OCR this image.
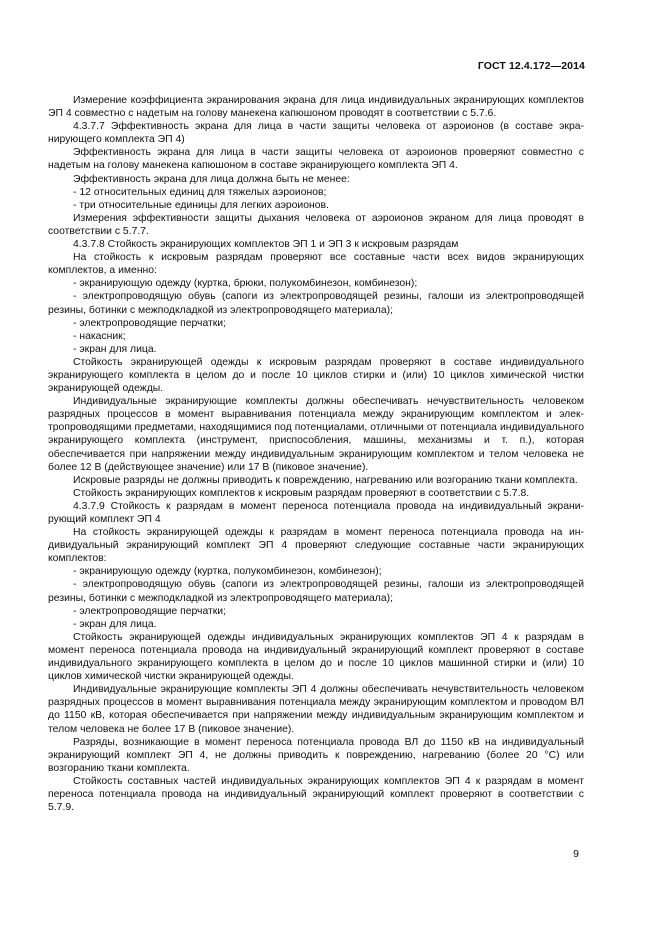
ГОСТ 12.4.172—2014

Измерение коэффициента экранирования экрана для лица индивидуальных экранирующих комплектов ЭП 4 совместно с надетым на голову манекена капюшоном проводят в соответствии с 5.7.6.

4.3.7.7 Эффективность экрана для лица в части защиты человека от аэроионов (в составе экранирующего комплекта ЭП 4)

Эффективность экрана для лица в части защиты человека от аэроионов проверяют совместно с надетым на голову манекена капюшоном в составе экранирующего комплекта ЭП 4.

Эффективность экрана для лица должна быть не менее:

- 12 относительных единиц для тяжелых аэроионов;

- три относительные единицы для легких аэроионов.

Измерения эффективности защиты дыхания человека от аэроионов экраном для лица проводят в соответствии с 5.7.7.

4.3.7.8 Стойкость экранирующих комплектов ЭП 1 и ЭП 3 к искровым разрядам

На стойкость к искровым разрядам проверяют все составные части всех видов экранирующих комплектов, а именно:

- экранирующую одежду (куртка, брюки, полукомбинезон, комбинезон);

- электропроводящую обувь (сапоги из электропроводящей резины, галоши из электропроводящей резины, ботинки с межподкладкой из электропроводящего материала);

- электропроводящие перчатки;

- накасник;

- экран для лица.

Стойкость экранирующей одежды к искровым разрядам проверяют в составе индивидуального экранирующего комплекта в целом до и после 10 циклов стирки и (или) 10 циклов химической чистки экранирующей одежды.

Индивидуальные экранирующие комплекты должны обеспечивать нечувствительность человеком разрядных процессов в момент выравнивания потенциала между экранирующим комплектом и электропроводящими предметами, находящимися под потенциалами, отличными от потенциала индивидуального экранирующего комплекта (инструмент, приспособления, машины, механизмы и т. п.), которая обеспечивается при напряжении между индивидуальным экранирующим комплектом и телом человека не более 12 В (действующее значение) или 17 В (пиковое значение).

Искровые разряды не должны приводить к повреждению, нагреванию или возгоранию ткани комплекта.

Стойкость экранирующих комплектов к искровым разрядам проверяют в соответствии с 5.7.8.

4.3.7.9 Стойкость к разрядам в момент переноса потенциала провода на индивидуальный экранирующий комплект ЭП 4

На стойкость экранирующей одежды к разрядам в момент переноса потенциала провода на индивидуальный экранирующий комплект ЭП 4 проверяют следующие составные части экранирующих комплектов:

- экранирующую одежду (куртка, полукомбинезон, комбинезон);

- электропроводящую обувь (сапоги из электропроводящей резины, галоши из электропроводящей резины, ботинки с межподкладкой из электропроводящего материала);

- электропроводящие перчатки;

- экран для лица.

Стойкость экранирующей одежды индивидуальных экранирующих комплектов ЭП 4 к разрядам в момент переноса потенциала провода на индивидуальный экранирующий комплект проверяют в составе индивидуального экранирующего комплекта в целом до и после 10 циклов машинной стирки и (или) 10 циклов химической чистки экранирующей одежды.

Индивидуальные экранирующие комплекты ЭП 4 должны обеспечивать нечувствительность человеком разрядных процессов в момент выравнивания потенциала между экранирующим комплектом и проводом ВЛ до 1150 кВ, которая обеспечивается при напряжении между индивидуальным экранирующим комплектом и телом человека не более 17 В (пиковое значение).

Разряды, возникающие в момент переноса потенциала провода ВЛ до 1150 кВ на индивидуальный экранирующий комплект ЭП 4, не должны приводить к повреждению, нагреванию (более 20 °С) или возгоранию ткани комплекта.

Стойкость составных частей индивидуальных экранирующих комплектов ЭП 4 к разрядам в момент переноса потенциала провода на индивидуальный экранирующий комплект проверяют в соответствии с 5.7.9.

9
